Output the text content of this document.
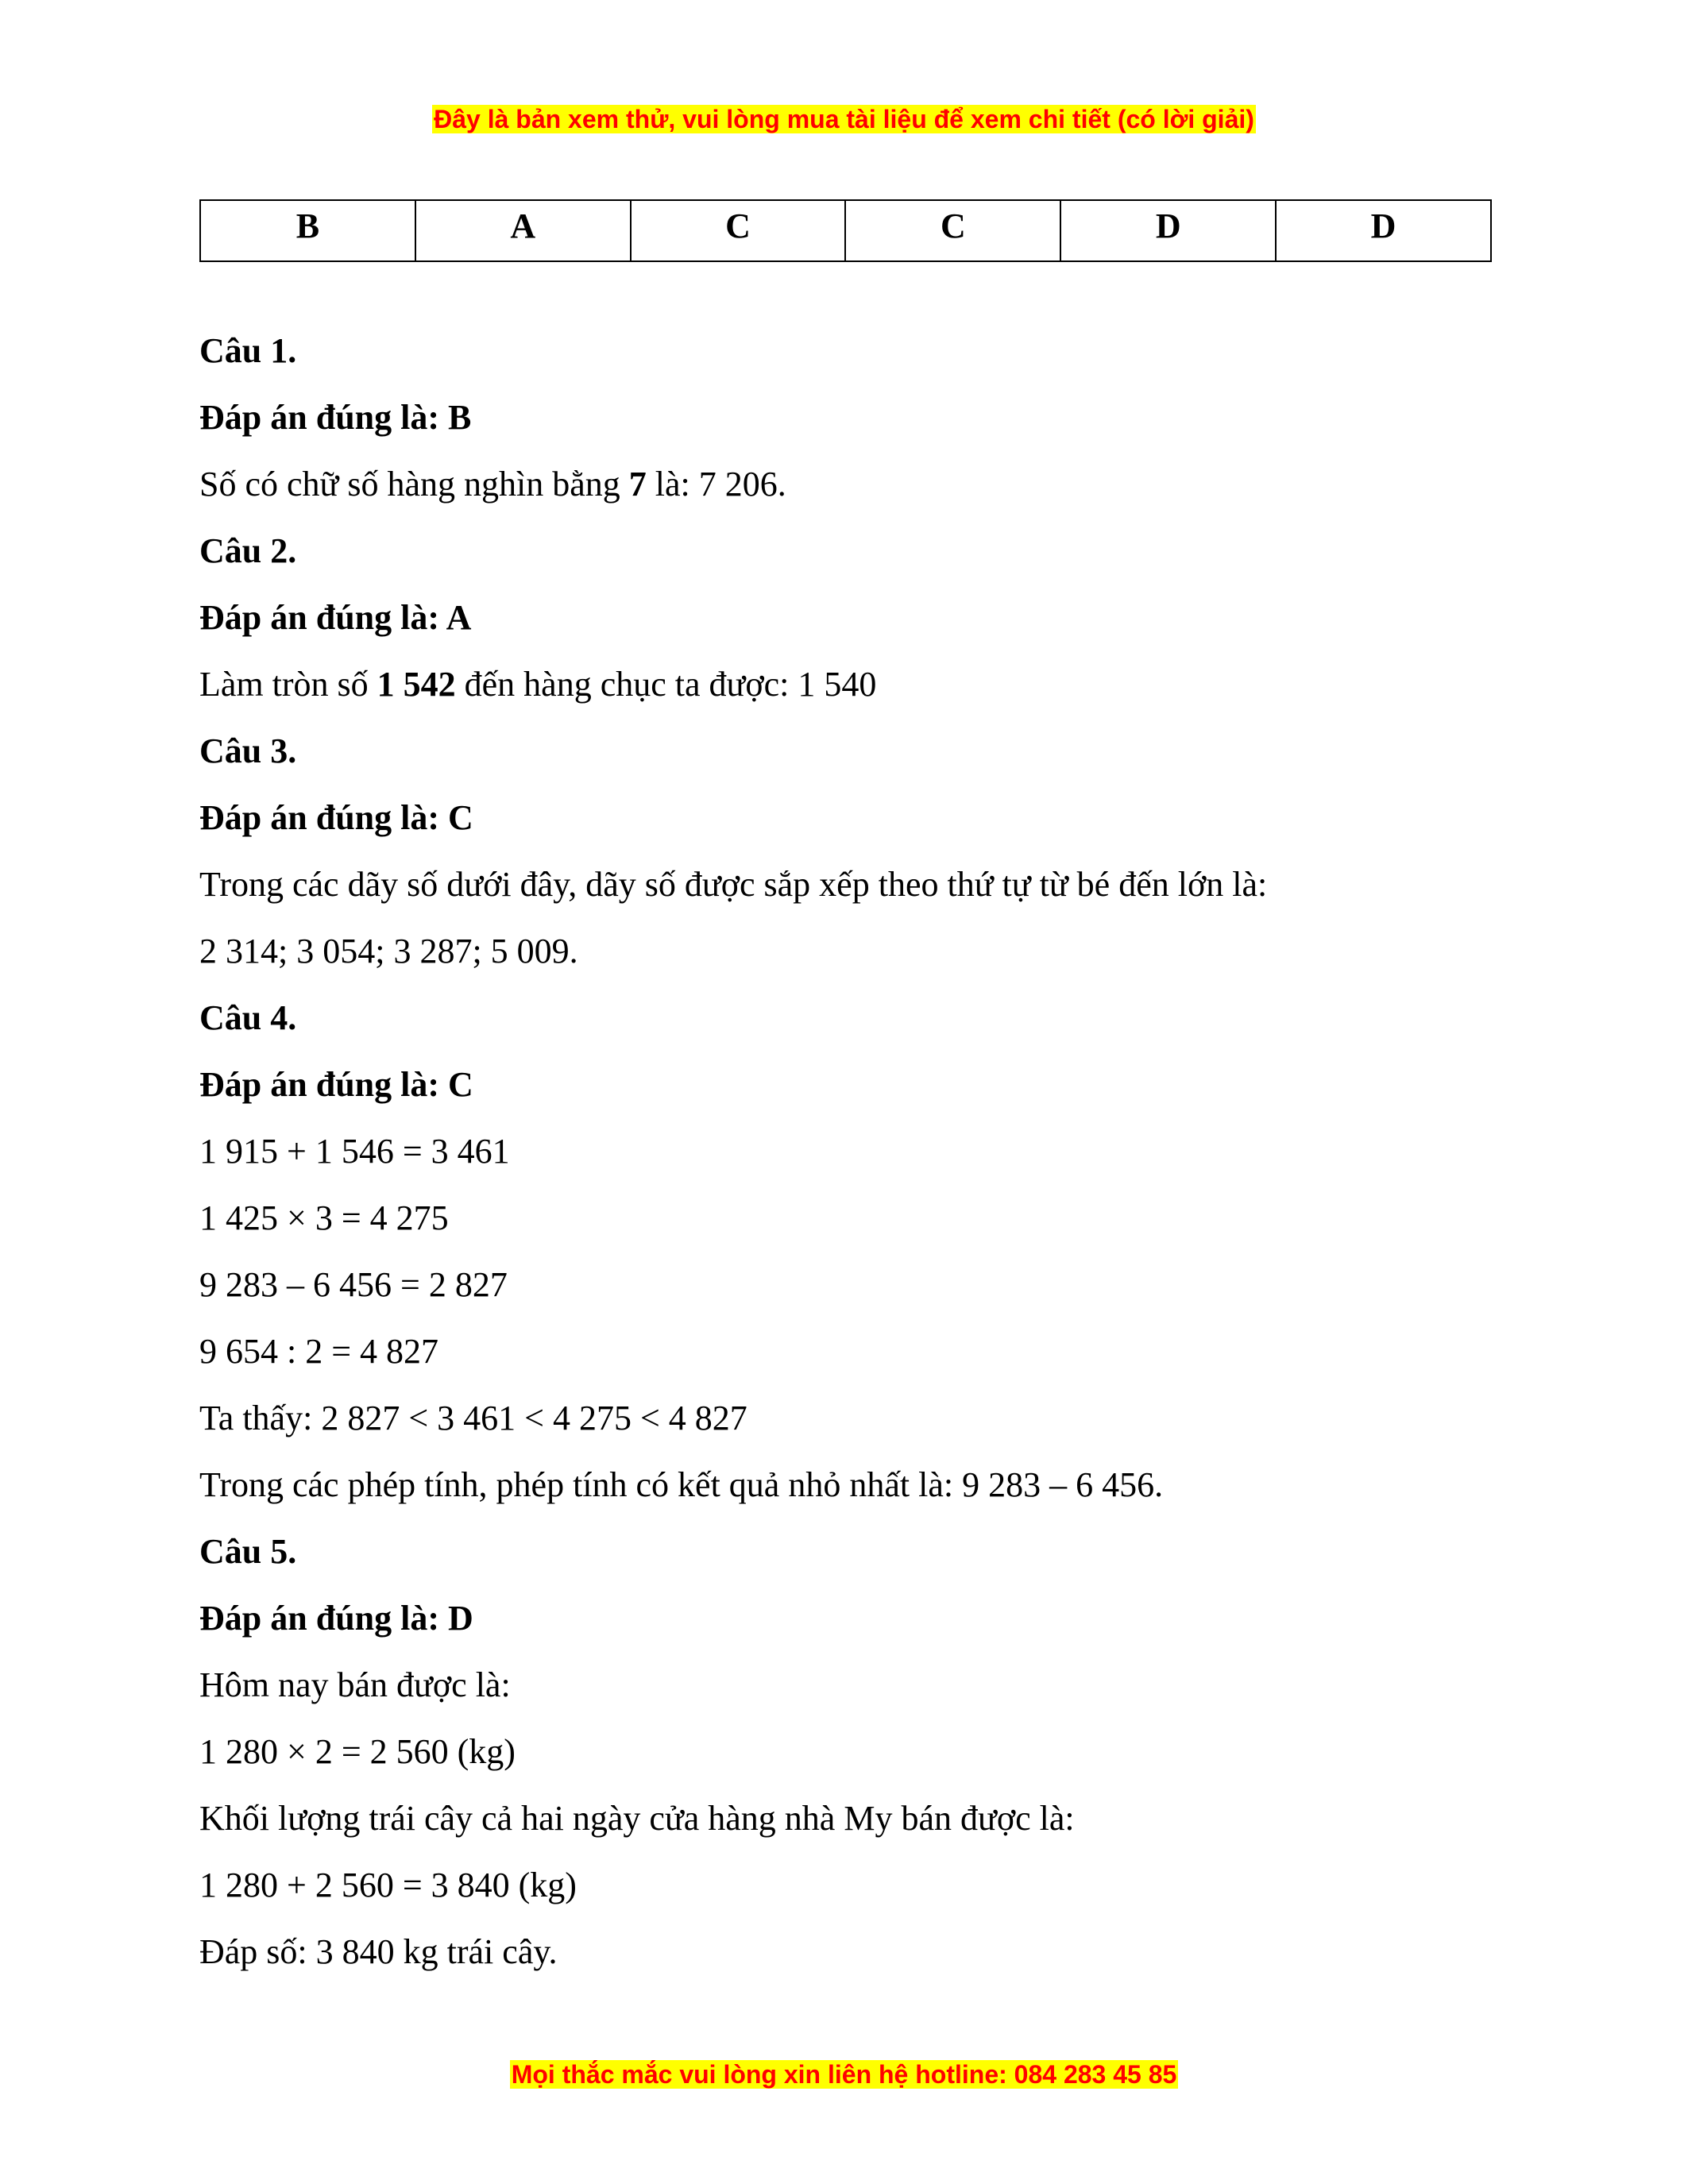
Đây là bản xem thử, vui lòng mua tài liệu để xem chi tiết (có lời giải)
B	A	C	C	D	D
Câu 1.
Đáp án đúng là: B
Số có chữ số hàng nghìn bằng 7 là: 7 206.
Câu 2.
Đáp án đúng là: A
Làm tròn số 1 542 đến hàng chục ta được: 1 540
Câu 3.
Đáp án đúng là: C
Trong các dãy số dưới đây, dãy số được sắp xếp theo thứ tự từ bé đến lớn là:
2 314; 3 054; 3 287; 5 009.
Câu 4.
Đáp án đúng là: C
1 915 + 1 546 = 3 461
1 425 × 3 = 4 275
9 283 – 6 456 = 2 827
9 654 : 2 = 4 827
Ta thấy: 2 827 < 3 461 < 4 275 < 4 827
Trong các phép tính, phép tính có kết quả nhỏ nhất là: 9 283 – 6 456.
Câu 5.
Đáp án đúng là: D
Hôm nay bán được là:
1 280 × 2 = 2 560 (kg)
Khối lượng trái cây cả hai ngày cửa hàng nhà My bán được là:
1 280 + 2 560 = 3 840 (kg)
Đáp số: 3 840 kg trái cây.
Mọi thắc mắc vui lòng xin liên hệ hotline: 084 283 45 85
